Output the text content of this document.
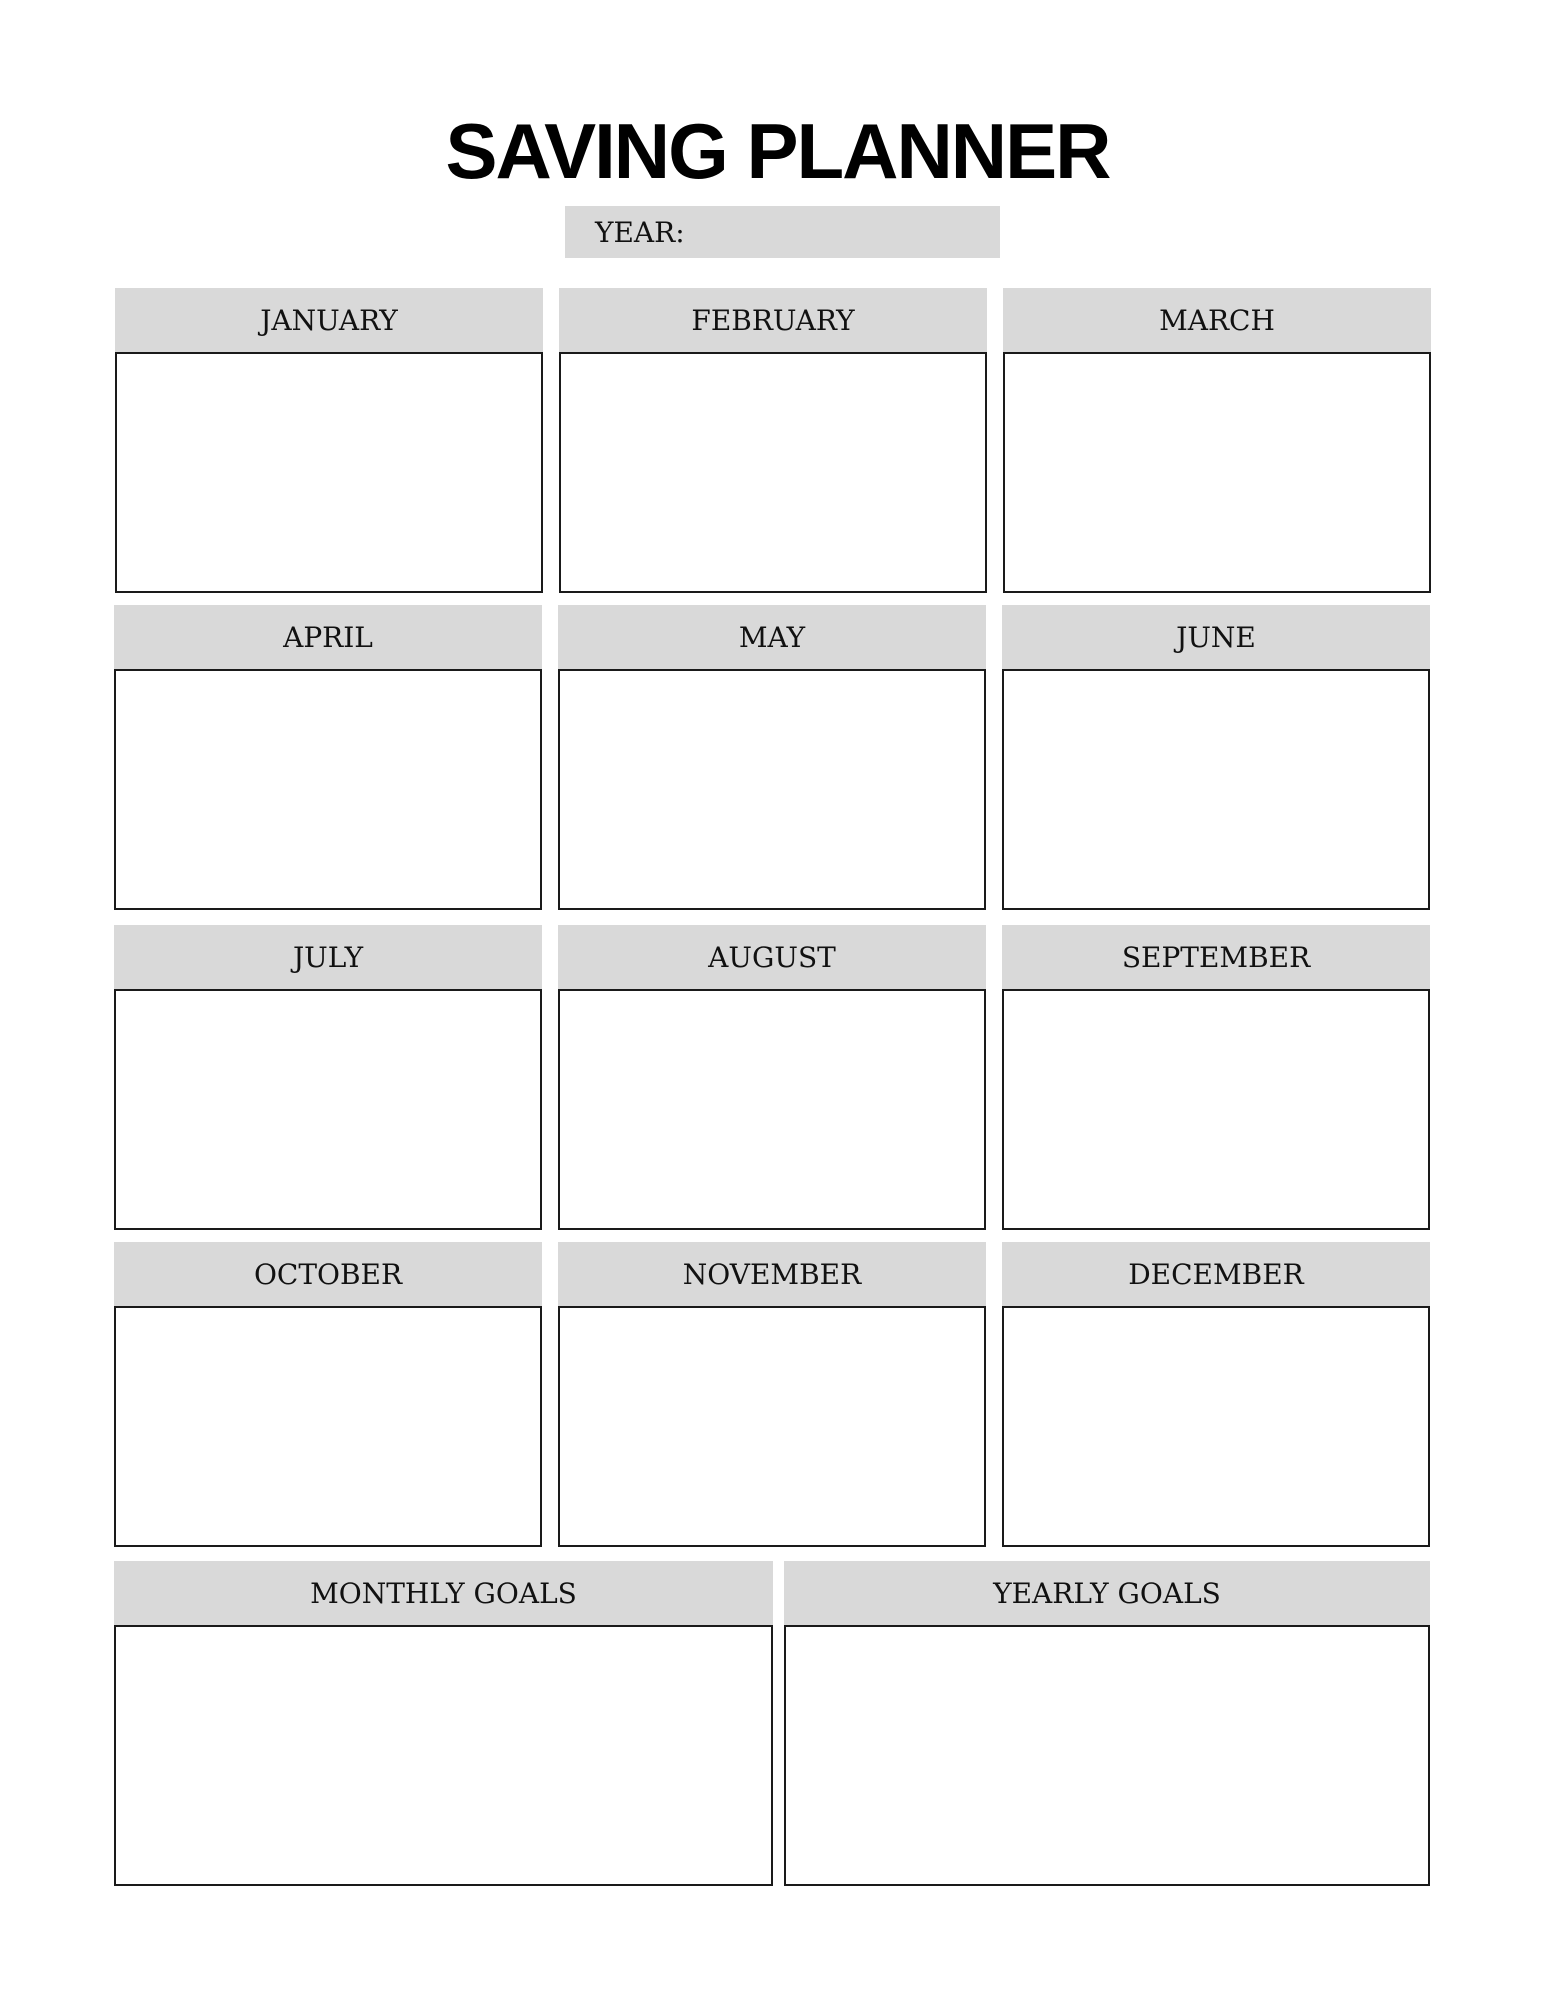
SAVING PLANNER
YEAR:
JANUARY	FEBRUARY	MARCH
APRIL	MAY	JUNE
JULY	AUGUST	SEPTEMBER
OCTOBER	NOVEMBER	DECEMBER
MONTHLY GOALS	YEARLY GOALS
